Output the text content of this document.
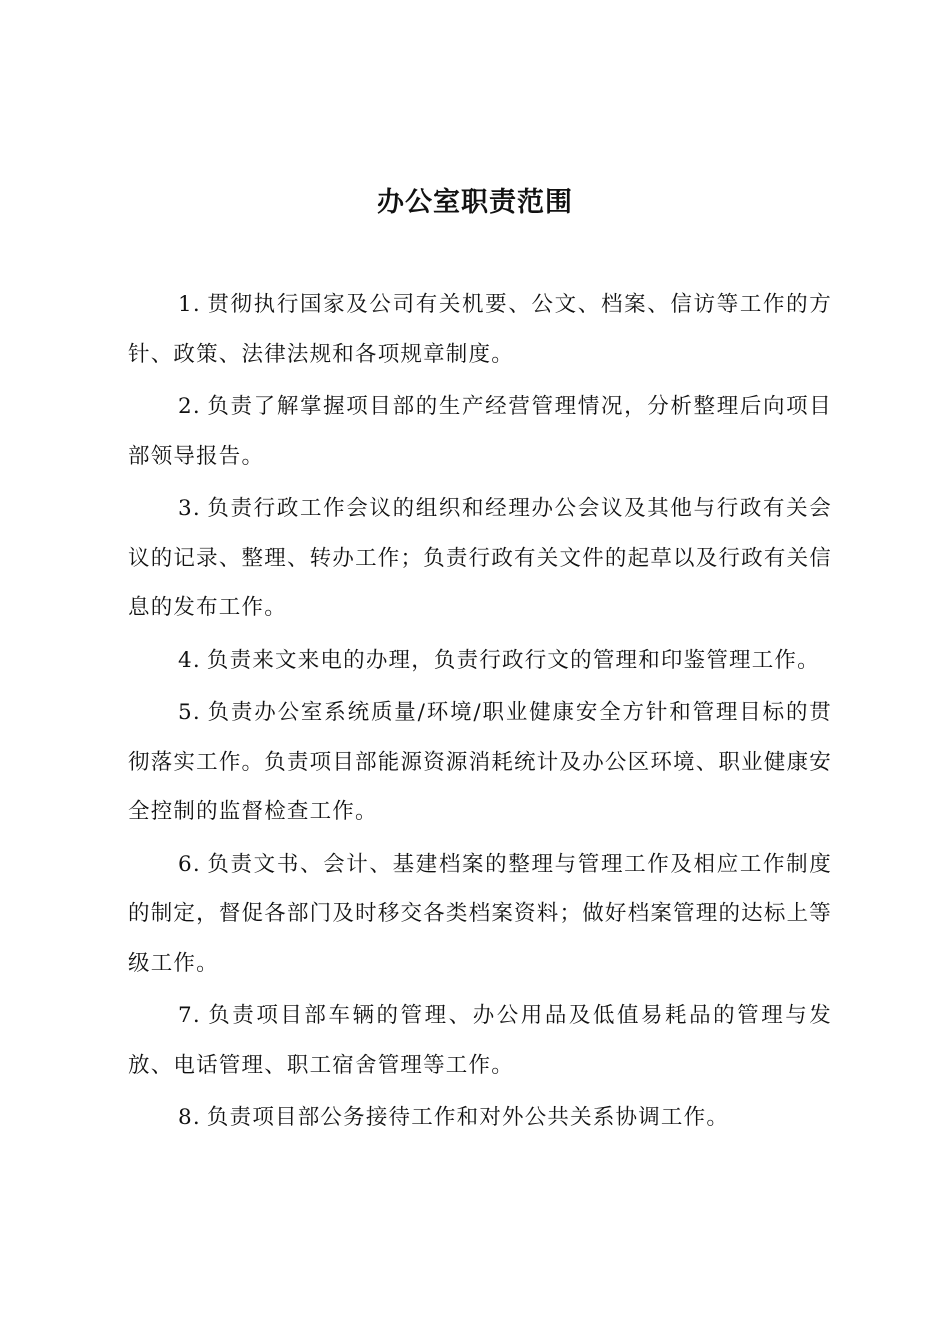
办公室职责范围

1. 贯彻执行国家及公司有关机要、公文、档案、信访等工作的方针、政策、法律法规和各项规章制度。

2. 负责了解掌握项目部的生产经营管理情况，分析整理后向项目部领导报告。

3. 负责行政工作会议的组织和经理办公会议及其他与行政有关会议的记录、整理、转办工作；负责行政有关文件的起草以及行政有关信息的发布工作。

4. 负责来文来电的办理，负责行政行文的管理和印鉴管理工作。

5. 负责办公室系统质量/环境/职业健康安全方针和管理目标的贯彻落实工作。负责项目部能源资源消耗统计及办公区环境、职业健康安全控制的监督检查工作。

6. 负责文书、会计、基建档案的整理与管理工作及相应工作制度的制定，督促各部门及时移交各类档案资料；做好档案管理的达标上等级工作。

7. 负责项目部车辆的管理、办公用品及低值易耗品的管理与发放、电话管理、职工宿舍管理等工作。

8. 负责项目部公务接待工作和对外公共关系协调工作。
